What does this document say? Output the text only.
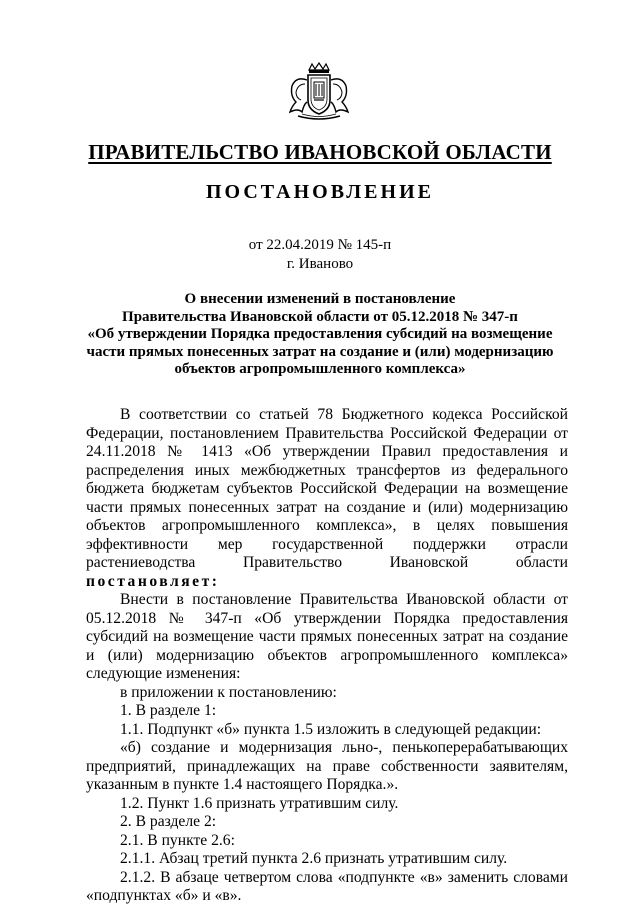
ПРАВИТЕЛЬСТВО ИВАНОВСКОЙ ОБЛАСТИ
ПОСТАНОВЛЕНИЕ
от 22.04.2019 № 145-п
г. Иваново
О внесении изменений в постановление
Правительства Ивановской области от 05.12.2018 № 347-п
«Об утверждении Порядка предоставления субсидий на возмещение
части прямых понесенных затрат на создание и (или) модернизацию
объектов агропромышленного комплекса»

В соответствии со статьей 78 Бюджетного кодекса Российской Федерации, постановлением Правительства Российской Федерации от 24.11.2018 № 1413 «Об утверждении Правил предоставления и распределения иных межбюджетных трансфертов из федерального бюджета бюджетам субъектов Российской Федерации на возмещение части прямых понесенных затрат на создание и (или) модернизацию объектов агропромышленного комплекса», в целях повышения эффективности мер государственной поддержки отрасли растениеводства Правительство Ивановской области постановляет:

Внести в постановление Правительства Ивановской области от 05.12.2018 № 347-п «Об утверждении Порядка предоставления субсидий на возмещение части прямых понесенных затрат на создание и (или) модернизацию объектов агропромышленного комплекса» следующие изменения:

в приложении к постановлению:

1. В разделе 1:

1.1. Подпункт «б» пункта 1.5 изложить в следующей редакции:

«б) создание и модернизация льно-, пенькоперерабатывающих предприятий, принадлежащих на праве собственности заявителям, указанным в пункте 1.4 настоящего Порядка.».

1.2. Пункт 1.6 признать утратившим силу.

2. В разделе 2:

2.1. В пункте 2.6:

2.1.1. Абзац третий пункта 2.6 признать утратившим силу.

2.1.2. В абзаце четвертом слова «подпункте «в» заменить словами «подпунктах «б» и «в».
